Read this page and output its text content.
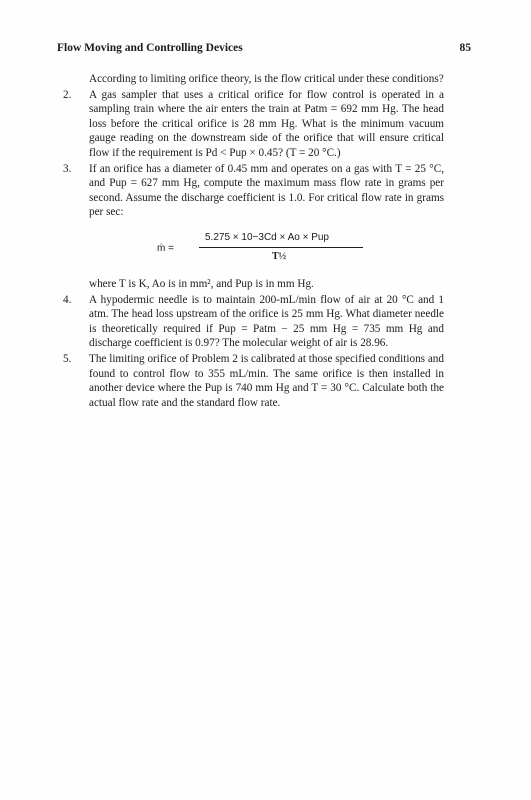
Flow Moving and Controlling Devices	85

According to limiting orifice theory, is the flow critical under these conditions?

2. A gas sampler that uses a critical orifice for flow control is operated in a sampling train where the air enters the train at Patm = 692 mm Hg. The head loss before the critical orifice is 28 mm Hg. What is the minimum vacuum gauge reading on the downstream side of the orifice that will ensure critical flow if the requirement is Pd < Pup × 0.45? (T = 20 °C.)

3. If an orifice has a diameter of 0.45 mm and operates on a gas with T = 25 °C, and Pup = 627 mm Hg, compute the maximum mass flow rate in grams per second. Assume the discharge coefficient is 1.0. For critical flow rate in grams per sec:

ṁ =
5.275 × 10−3Cd × Ao × Pup
T½

where T is K, Ao is in mm², and Pup is in mm Hg.

4. A hypodermic needle is to maintain 200-mL/min flow of air at 20 °C and 1 atm. The head loss upstream of the orifice is 25 mm Hg. What diameter needle is theoretically required if Pup = Patm − 25 mm Hg = 735 mm Hg and discharge coefficient is 0.97? The molecular weight of air is 28.96.

5. The limiting orifice of Problem 2 is calibrated at those specified conditions and found to control flow to 355 mL/min. The same orifice is then installed in another device where the Pup is 740 mm Hg and T = 30 °C. Calculate both the actual flow rate and the standard flow rate.
